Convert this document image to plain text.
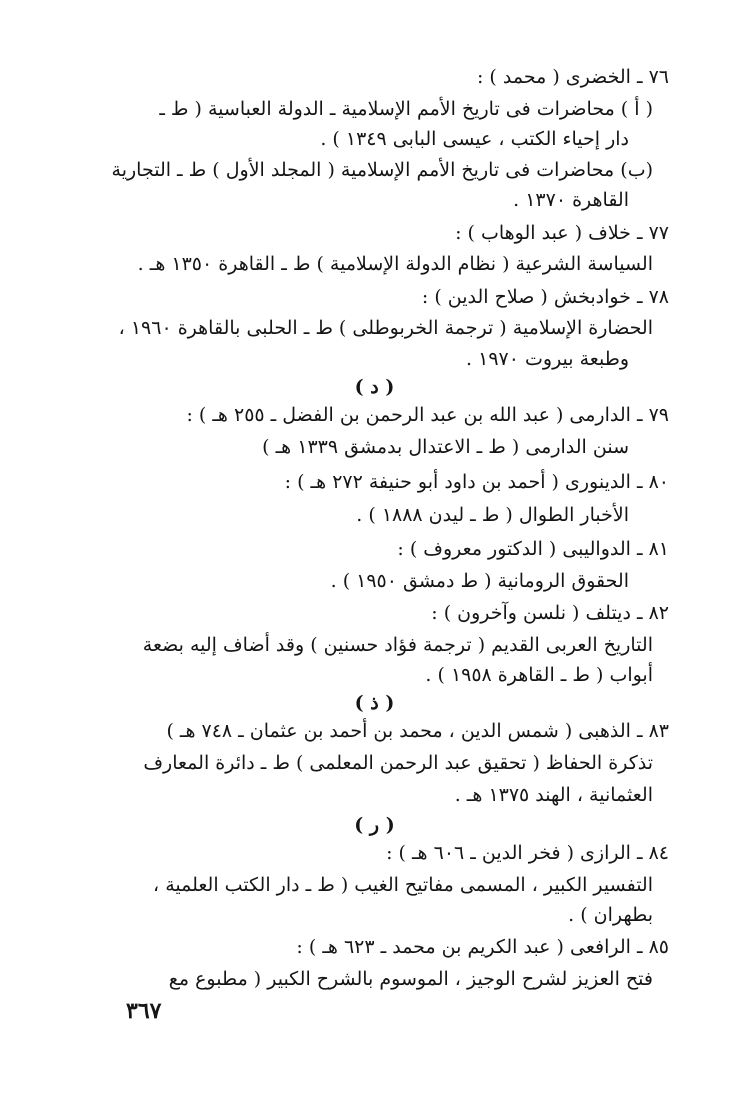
٧٦ ـ الخضرى ( محمد ) :
( أ ) محاضرات فى تاريخ الأمم الإسلامية ـ الدولة العباسية ( ط ـ
دار إحياء الكتب ، عيسى البابى ١٣٤٩ ) .
(ب) محاضرات فى تاريخ الأمم الإسلامية ( المجلد الأول ) ط ـ التجارية
القاهرة ١٣٧٠ .
٧٧ ـ خلاف ( عبد الوهاب ) :
السياسة الشرعية ( نظام الدولة الإسلامية ) ط ـ القاهرة ١٣٥٠ هـ .
٧٨ ـ خوادبخش ( صلاح الدين ) :
الحضارة الإسلامية ( ترجمة الخربوطلى ) ط ـ الحلبى بالقاهرة ١٩٦٠ ،
وطبعة بيروت ١٩٧٠ .
( د )
٧٩ ـ الدارمى ( عبد الله بن عبد الرحمن بن الفضل ـ ٢٥٥ هـ ) :
سنن الدارمى ( ط ـ الاعتدال بدمشق ١٣٣٩ هـ )
٨٠ ـ الدينورى ( أحمد بن داود أبو حنيفة ٢٧٢ هـ ) :
الأخبار الطوال ( ط ـ ليدن ١٨٨٨ ) .
٨١ ـ الدواليبى ( الدكتور معروف ) :
الحقوق الرومانية ( ط دمشق ١٩٥٠ ) .
٨٢ ـ ديتلف ( نلسن وآخرون ) :
التاريخ العربى القديم ( ترجمة فؤاد حسنين ) وقد أضاف إليه بضعة
أبواب ( ط ـ القاهرة ١٩٥٨ ) .
( ذ )
٨٣ ـ الذهبى ( شمس الدين ، محمد بن أحمد بن عثمان ـ ٧٤٨ هـ )
تذكرة الحفاظ ( تحقيق عبد الرحمن المعلمى ) ط ـ دائرة المعارف
العثمانية ، الهند ١٣٧٥ هـ .
( ر )
٨٤ ـ الرازى ( فخر الدين ـ ٦٠٦ هـ ) :
التفسير الكبير ، المسمى مفاتيح الغيب ( ط ـ دار الكتب العلمية ،
بطهران ) .
٨٥ ـ الرافعى ( عبد الكريم بن محمد ـ ٦٢٣ هـ ) :
فتح العزيز لشرح الوجيز ، الموسوم بالشرح الكبير ( مطبوع مع
٣٦٧
